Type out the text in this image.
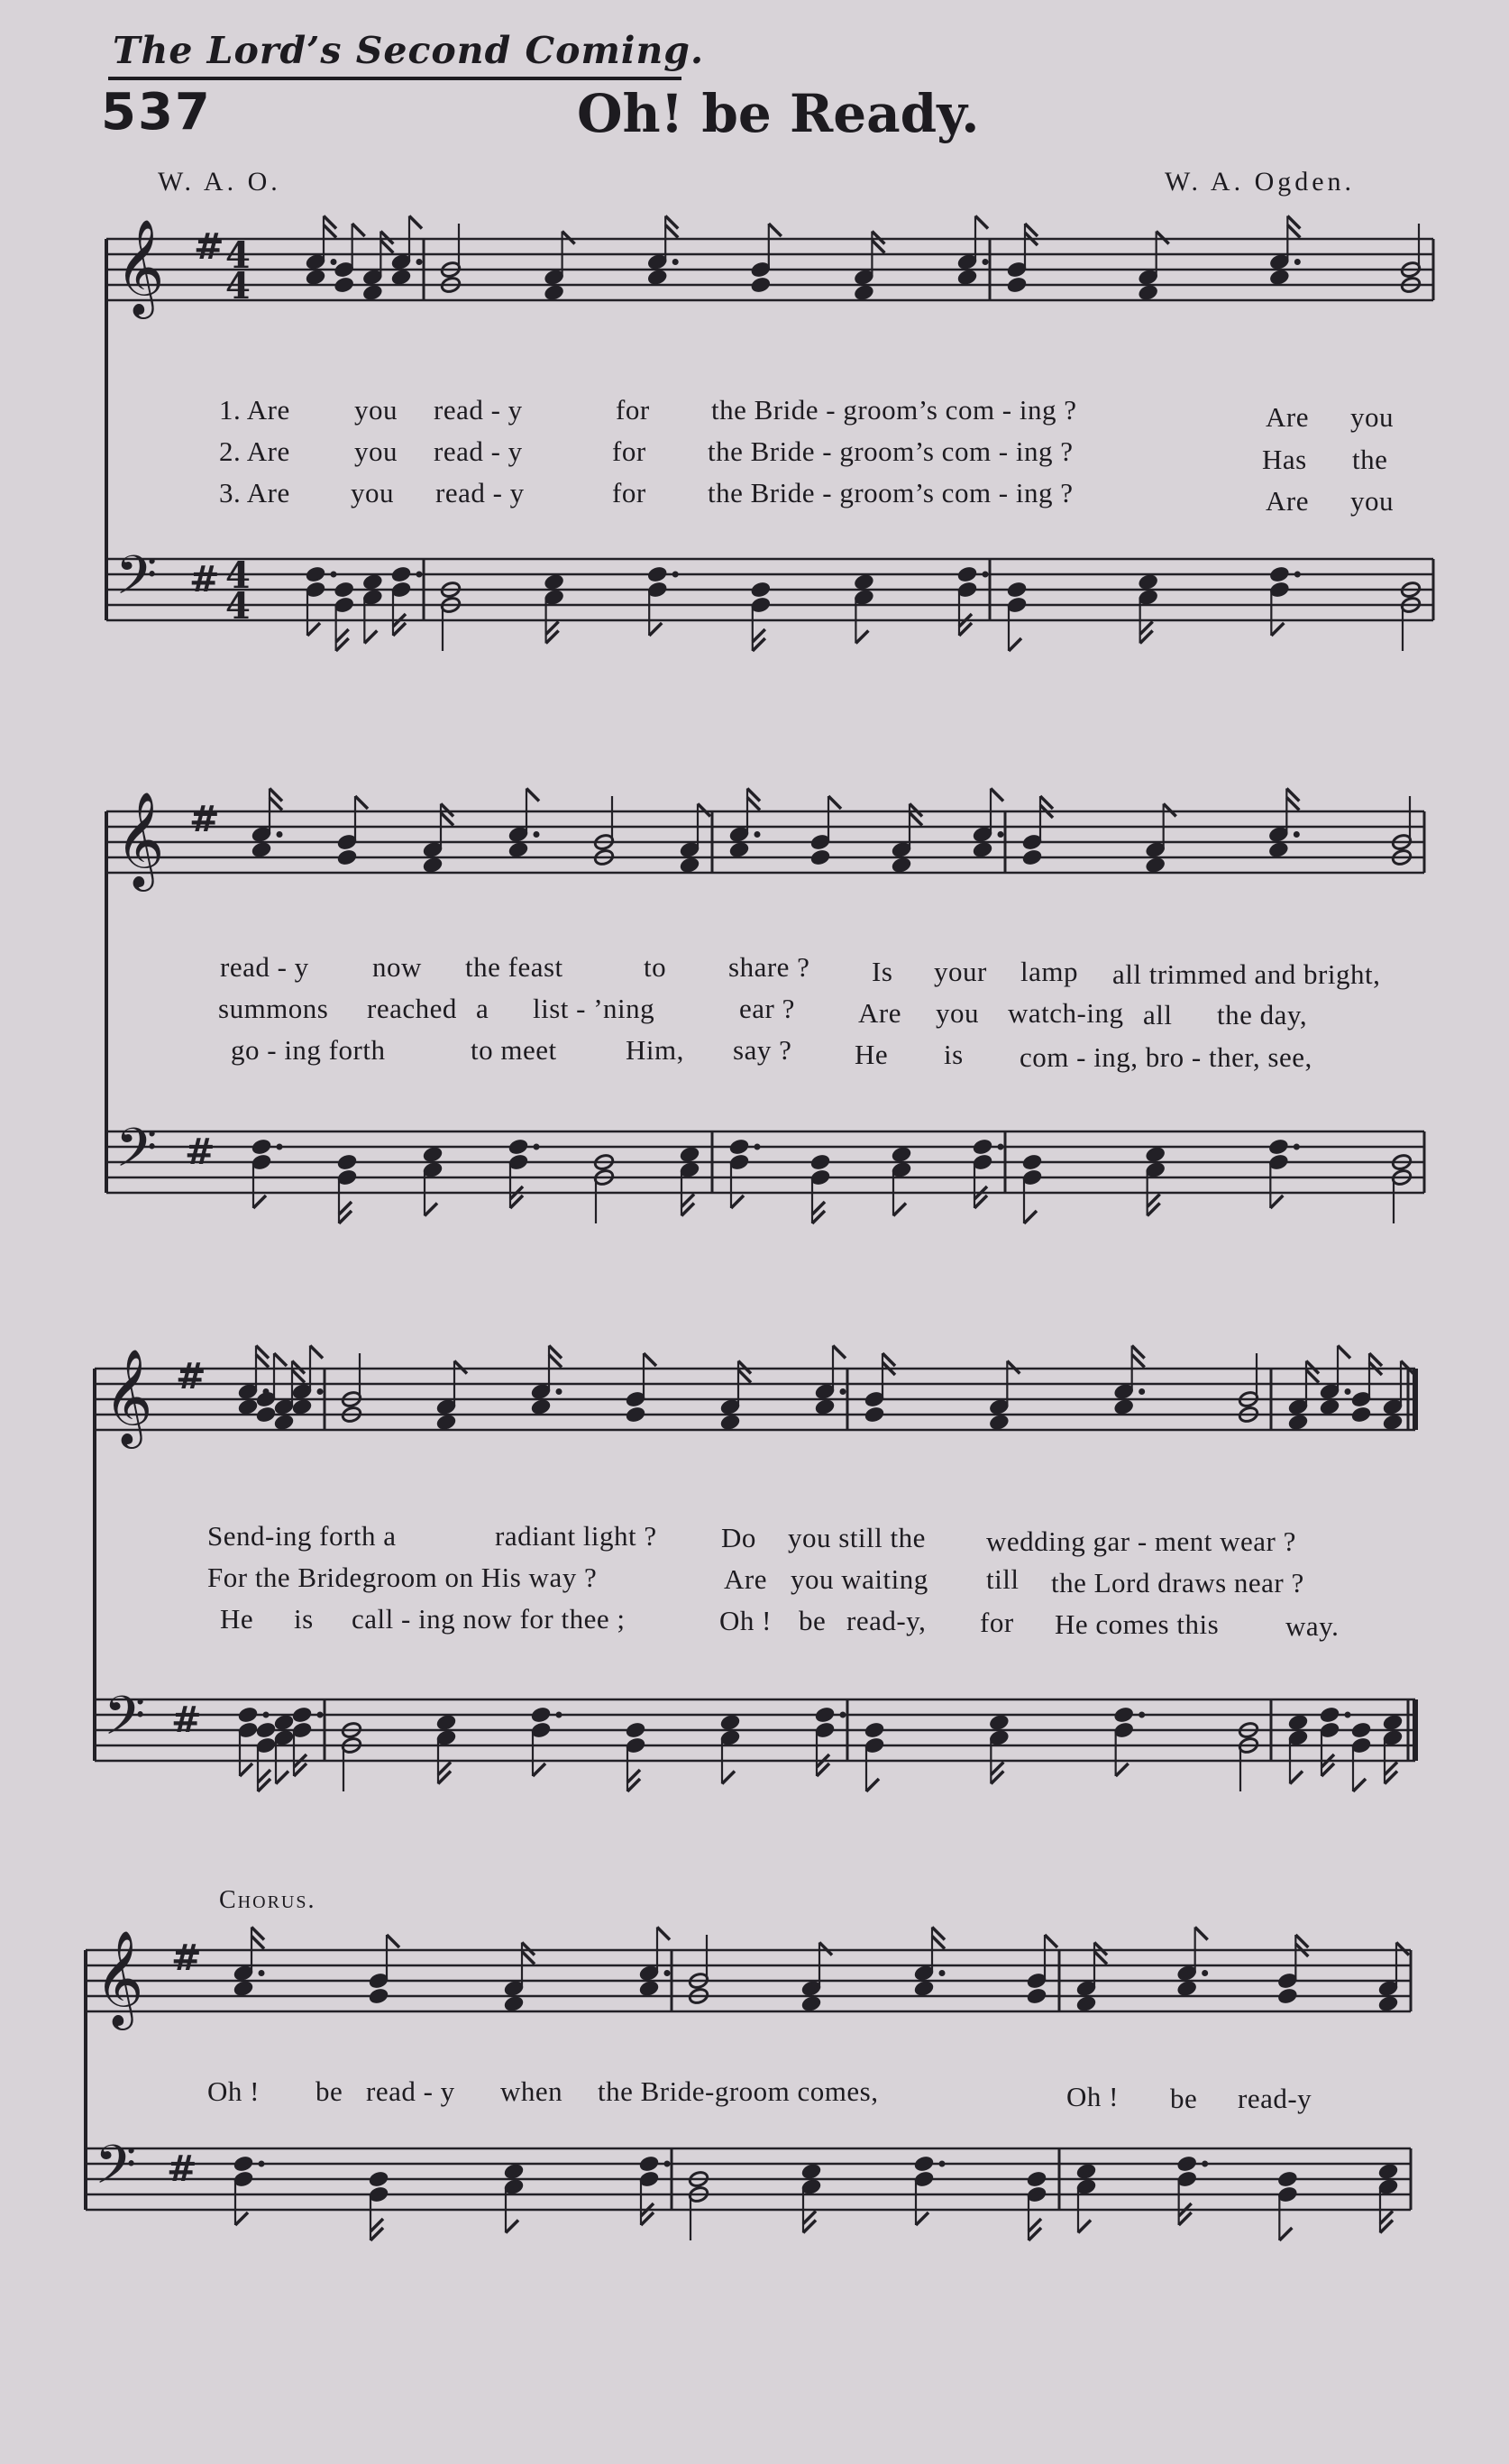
The Lord’s Second Coming.
537	Oh! be Ready.
W. A. O.	W. A. Ogden.
𝄞
𝄢
#
#
4
4
4
4
𝄞
𝄢
#
#
𝄞
𝄢
#
#
𝄞
𝄢
#
#
1. Are you read - y	for the Bride - groom’s com - ing ?	Are you
2. Are you read - y	for the Bride - groom’s com - ing ?	Has the
3. Are you read - y	for the Bride - groom’s com - ing ?	Are you
read - y now the feast	to share ? Is your lamp all trimmed and bright,
summons reached a list - ’ning	ear ? Are you watch-ing all the day,
go - ing forth	to meet Him, say ? He is com - ing, bro - ther, see,
Send-ing forth a	radiant light ? Do you still the wedding gar - ment wear ?
For the Bridegroom on His way ?	Are you waiting till the Lord draws near ?
He is call - ing now for thee ;	Oh ! be read-y, for He comes this way.
Chorus.
Oh ! be read - y when the Bride-groom comes,	Oh ! be read-y
